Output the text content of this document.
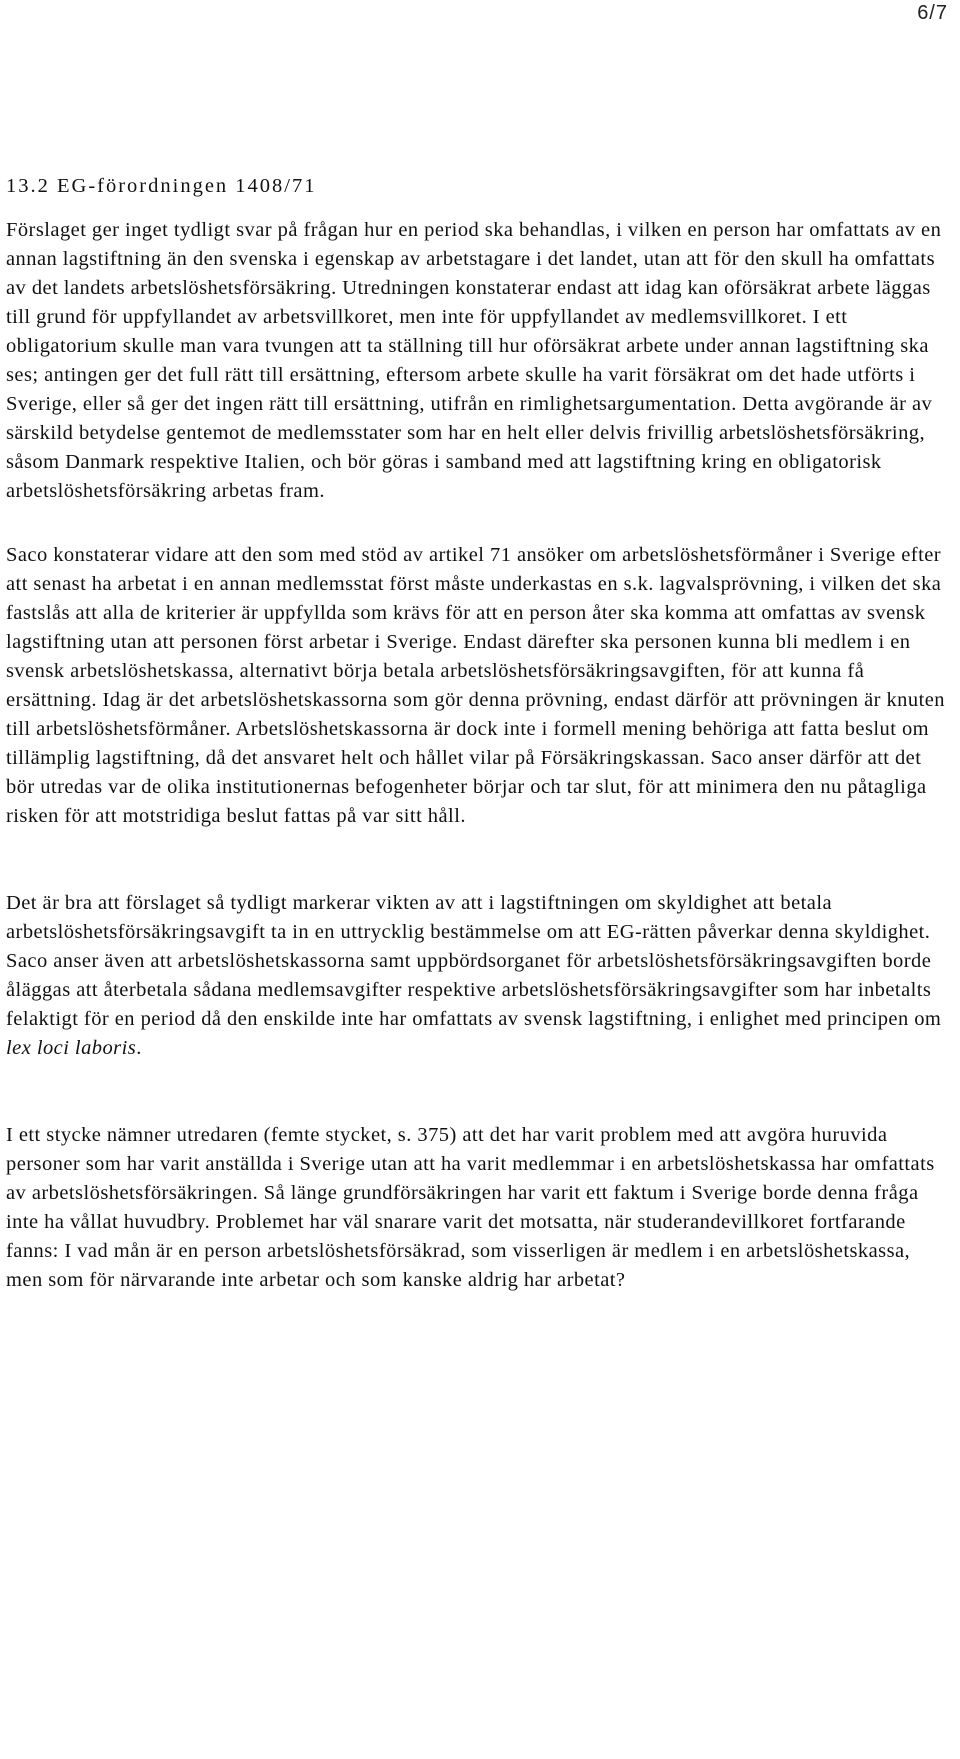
6/7
13.2 EG-förordningen 1408/71

Förslaget ger inget tydligt svar på frågan hur en period ska behandlas, i vilken en person har omfattats av en annan lagstiftning än den svenska i egenskap av arbetstagare i det landet, utan att för den skull ha omfattats av det landets arbetslöshetsförsäkring. Utredningen konstaterar endast att idag kan oförsäkrat arbete läggas till grund för uppfyllandet av arbetsvillkoret, men inte för uppfyllandet av medlemsvillkoret. I ett obligatorium skulle man vara tvungen att ta ställning till hur oförsäkrat arbete under annan lagstiftning ska ses; antingen ger det full rätt till ersättning, eftersom arbete skulle ha varit försäkrat om det hade utförts i Sverige, eller så ger det ingen rätt till ersättning, utifrån en rimlighetsargumentation. Detta avgörande är av särskild betydelse gentemot de medlemsstater som har en helt eller delvis frivillig arbetslöshetsförsäkring, såsom Danmark respektive Italien, och bör göras i samband med att lagstiftning kring en obligatorisk arbetslöshetsförsäkring arbetas fram.

Saco konstaterar vidare att den som med stöd av artikel 71 ansöker om arbetslöshetsförmåner i Sverige efter att senast ha arbetat i en annan medlemsstat först måste underkastas en s.k. lagvalsprövning, i vilken det ska fastslås att alla de kriterier är uppfyllda som krävs för att en person åter ska komma att omfattas av svensk lagstiftning utan att personen först arbetar i Sverige. Endast därefter ska personen kunna bli medlem i en svensk arbetslöshetskassa, alternativt börja betala arbetslöshetsförsäkringsavgiften, för att kunna få ersättning. Idag är det arbetslöshetskassorna som gör denna prövning, endast därför att prövningen är knuten till arbetslöshetsförmåner. Arbetslöshetskassorna är dock inte i formell mening behöriga att fatta beslut om tillämplig lagstiftning, då det ansvaret helt och hållet vilar på Försäkringskassan. Saco anser därför att det bör utredas var de olika institutionernas befogenheter börjar och tar slut, för att minimera den nu påtagliga risken för att motstridiga beslut fattas på var sitt håll.

Det är bra att förslaget så tydligt markerar vikten av att i lagstiftningen om skyldighet att betala arbetslöshetsförsäkringsavgift ta in en uttrycklig bestämmelse om att EG-rätten påverkar denna skyldighet. Saco anser även att arbetslöshetskassorna samt uppbördsorganet för arbetslöshetsförsäkringsavgiften borde åläggas att återbetala sådana medlemsavgifter respektive arbetslöshetsförsäkringsavgifter som har inbetalts felaktigt för en period då den enskilde inte har omfattats av svensk lagstiftning, i enlighet med principen om lex loci laboris.

I ett stycke nämner utredaren (femte stycket, s. 375) att det har varit problem med att avgöra huruvida personer som har varit anställda i Sverige utan att ha varit medlemmar i en arbetslöshetskassa har omfattats av arbetslöshetsförsäkringen. Så länge grundförsäkringen har varit ett faktum i Sverige borde denna fråga inte ha vållat huvudbry. Problemet har väl snarare varit det motsatta, när studerandevillkoret fortfarande fanns: I vad mån är en person arbetslöshetsförsäkrad, som visserligen är medlem i en arbetslöshetskassa, men som för närvarande inte arbetar och som kanske aldrig har arbetat?
